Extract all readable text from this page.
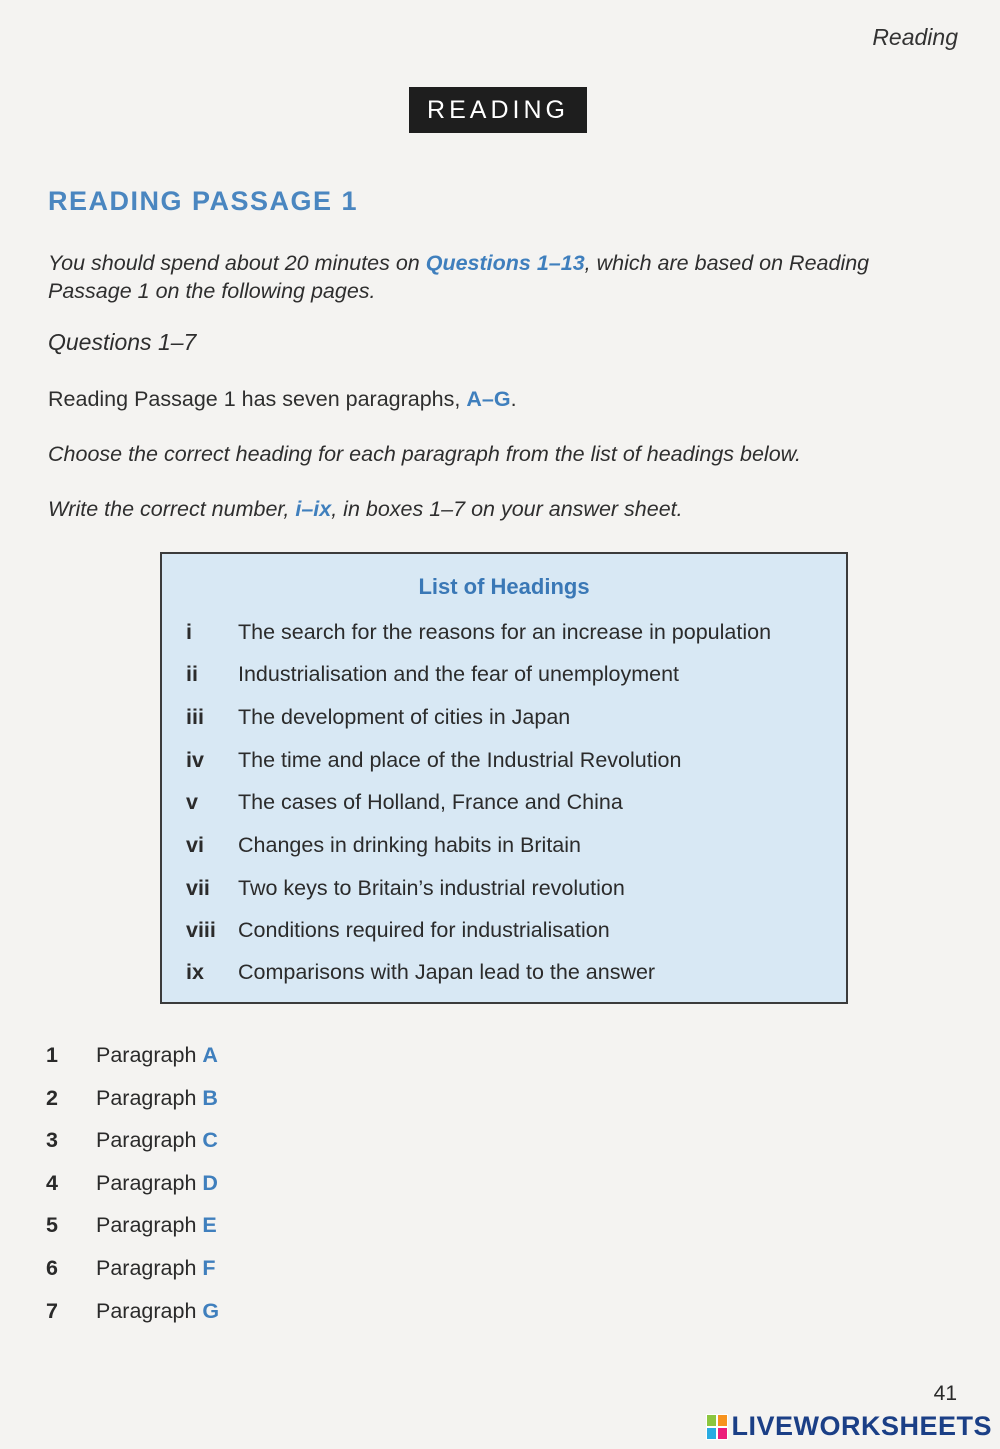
Reading
READING
READING PASSAGE 1
You should spend about 20 minutes on Questions 1–13, which are based on Reading Passage 1 on the following pages.
Questions 1–7
Reading Passage 1 has seven paragraphs, A–G.
Choose the correct heading for each paragraph from the list of headings below.
Write the correct number, i–ix, in boxes 1–7 on your answer sheet.
List of Headings
i The search for the reasons for an increase in population
ii Industrialisation and the fear of unemployment
iii The development of cities in Japan
iv The time and place of the Industrial Revolution
v The cases of Holland, France and China
vi Changes in drinking habits in Britain
vii Two keys to Britain’s industrial revolution
viii Conditions required for industrialisation
ix Comparisons with Japan lead to the answer
1 Paragraph A
2 Paragraph B
3 Paragraph C
4 Paragraph D
5 Paragraph E
6 Paragraph F
7 Paragraph G
41
LIVEWORKSHEETS
